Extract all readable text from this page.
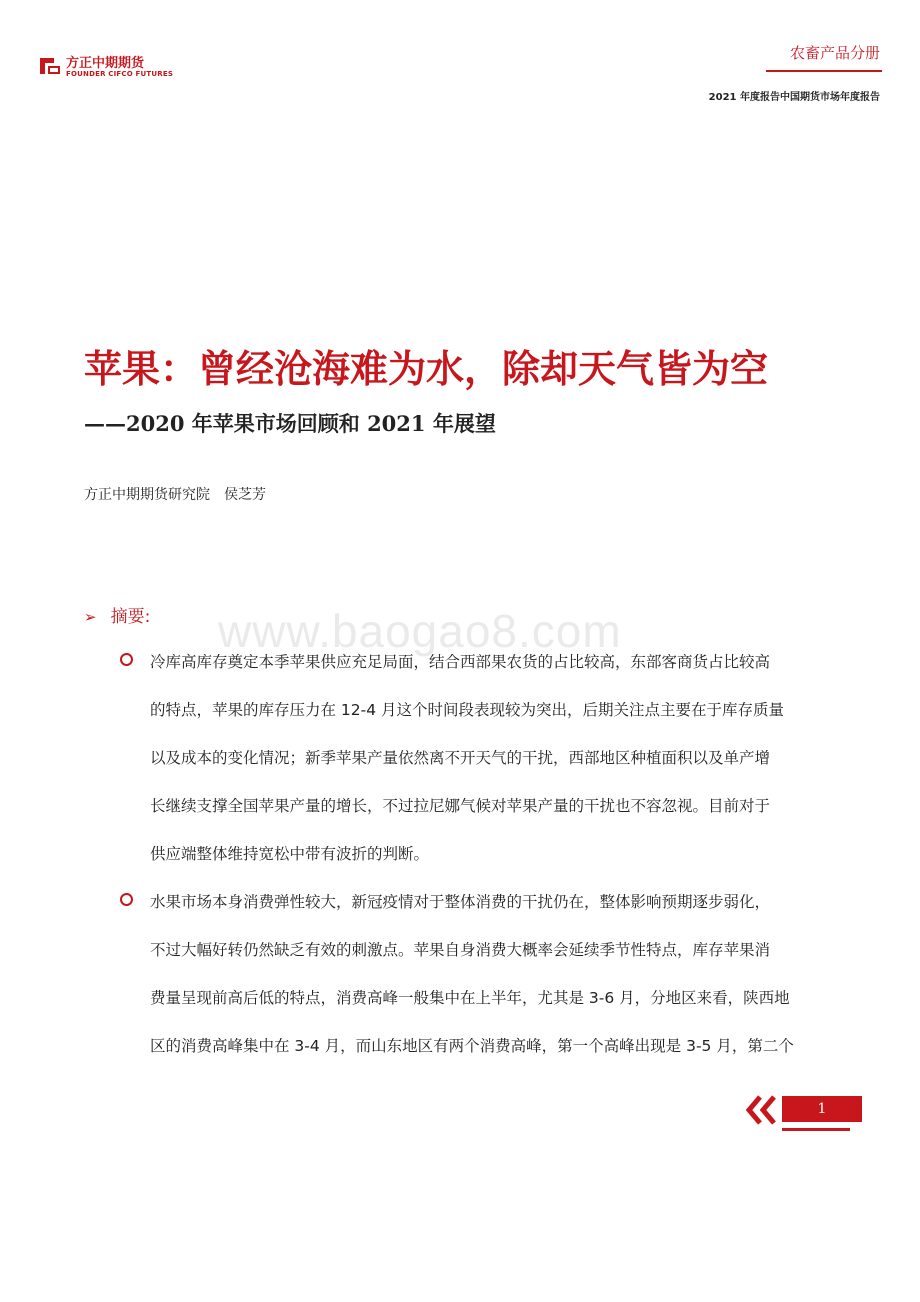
方正中期期货
FOUNDER CIFCO FUTURES
农畜产品分册
2021 年度报告中国期货市场年度报告
苹果：曾经沧海难为水，除却天气皆为空
——2020 年苹果市场回顾和 2021 年展望
方正中期期货研究院 侯芝芳
➢ 摘要: www.baogao8.com
冷库高库存奠定本季苹果供应充足局面，结合西部果农货的占比较高，东部客商货占比较高
的特点，苹果的库存压力在 12-4 月这个时间段表现较为突出，后期关注点主要在于库存质量
以及成本的变化情况；新季苹果产量依然离不开天气的干扰，西部地区种植面积以及单产增
长继续支撑全国苹果产量的增长，不过拉尼娜气候对苹果产量的干扰也不容忽视。目前对于
供应端整体维持宽松中带有波折的判断。
水果市场本身消费弹性较大，新冠疫情对于整体消费的干扰仍在，整体影响预期逐步弱化，
不过大幅好转仍然缺乏有效的刺激点。苹果自身消费大概率会延续季节性特点，库存苹果消
费量呈现前高后低的特点，消费高峰一般集中在上半年，尤其是 3-6 月，分地区来看，陕西地
区的消费高峰集中在 3-4 月，而山东地区有两个消费高峰，第一个高峰出现是 3-5 月，第二个
1
